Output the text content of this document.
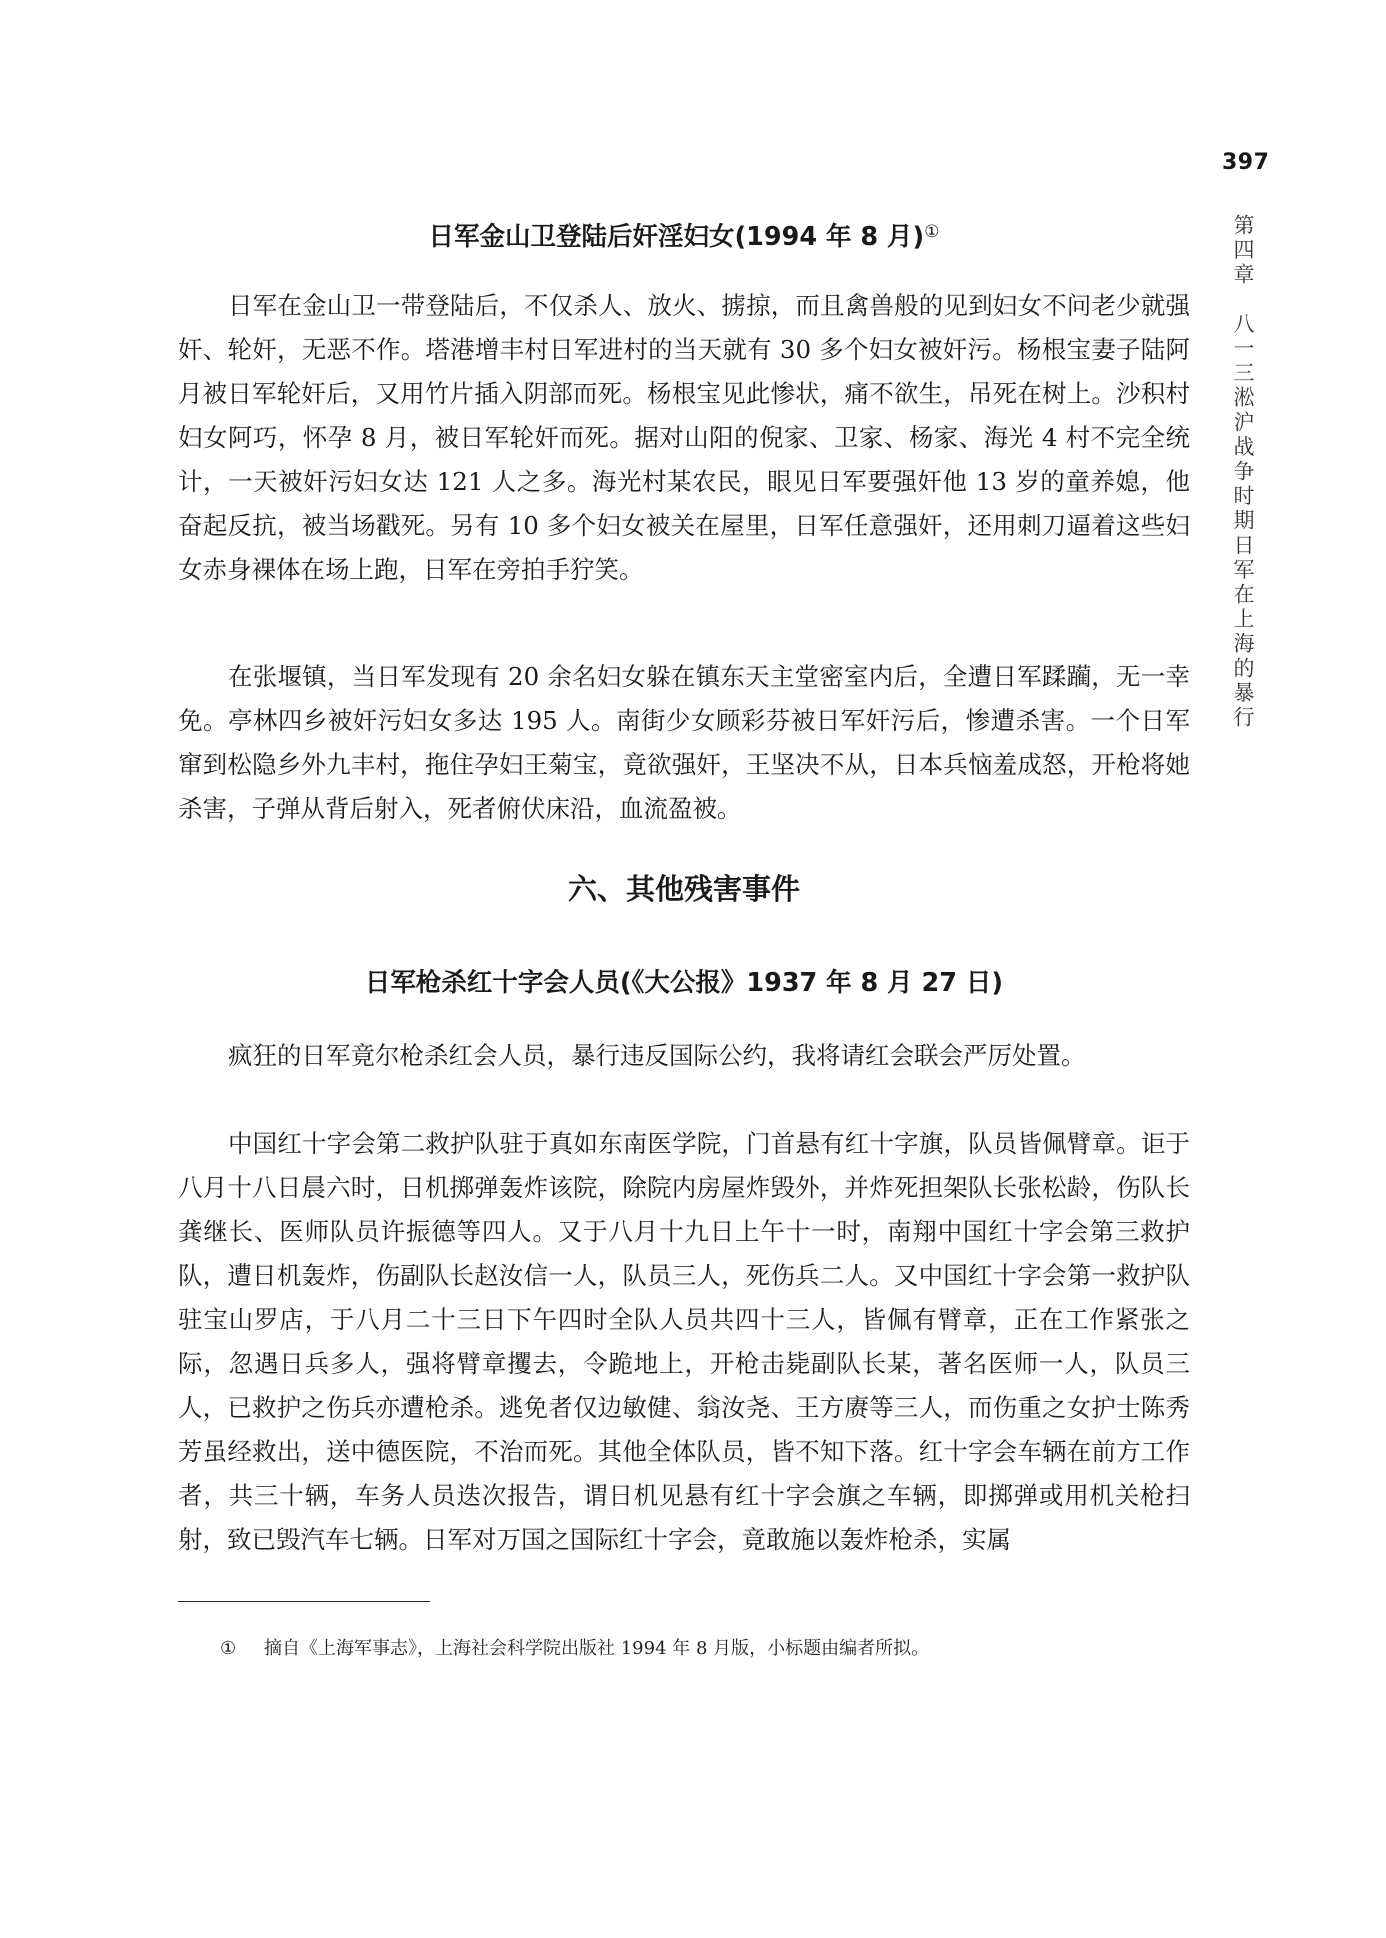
397
第四章　八一三淞沪战争时期日军在上海的暴行
日军金山卫登陆后奸淫妇女(1994 年 8 月)①

日军在金山卫一带登陆后，不仅杀人、放火、掳掠，而且禽兽般的见到妇女不问老少就强奸、轮奸，无恶不作。塔港增丰村日军进村的当天就有 30 多个妇女被奸污。杨根宝妻子陆阿月被日军轮奸后，又用竹片插入阴部而死。杨根宝见此惨状，痛不欲生，吊死在树上。沙积村妇女阿巧，怀孕 8 月，被日军轮奸而死。据对山阳的倪家、卫家、杨家、海光 4 村不完全统计，一天被奸污妇女达 121 人之多。海光村某农民，眼见日军要强奸他 13 岁的童养媳，他奋起反抗，被当场戳死。另有 10 多个妇女被关在屋里，日军任意强奸，还用刺刀逼着这些妇女赤身裸体在场上跑，日军在旁拍手狞笑。

在张堰镇，当日军发现有 20 余名妇女躲在镇东天主堂密室内后，全遭日军蹂躏，无一幸免。亭林四乡被奸污妇女多达 195 人。南街少女顾彩芬被日军奸污后，惨遭杀害。一个日军窜到松隐乡外九丰村，拖住孕妇王菊宝，竟欲强奸，王坚决不从，日本兵恼羞成怒，开枪将她杀害，子弹从背后射入，死者俯伏床沿，血流盈被。

六、其他残害事件
日军枪杀红十字会人员(《大公报》1937 年 8 月 27 日)

疯狂的日军竟尔枪杀红会人员，暴行违反国际公约，我将请红会联会严厉处置。

中国红十字会第二救护队驻于真如东南医学院，门首悬有红十字旗，队员皆佩臂章。讵于八月十八日晨六时，日机掷弹轰炸该院，除院内房屋炸毁外，并炸死担架队长张松龄，伤队长龚继长、医师队员许振德等四人。又于八月十九日上午十一时，南翔中国红十字会第三救护队，遭日机轰炸，伤副队长赵汝信一人，队员三人，死伤兵二人。又中国红十字会第一救护队驻宝山罗店，于八月二十三日下午四时全队人员共四十三人，皆佩有臂章，正在工作紧张之际，忽遇日兵多人，强将臂章攫去，令跪地上，开枪击毙副队长某，著名医师一人，队员三人，已救护之伤兵亦遭枪杀。逃免者仅边敏健、翁汝尧、王方赓等三人，而伤重之女护士陈秀芳虽经救出，送中德医院，不治而死。其他全体队员，皆不知下落。红十字会车辆在前方工作者，共三十辆，车务人员迭次报告，谓日机见悬有红十字会旗之车辆，即掷弹或用机关枪扫射，致已毁汽车七辆。日军对万国之国际红十字会，竟敢施以轰炸枪杀，实属

① 摘自《上海军事志》，上海社会科学院出版社 1994 年 8 月版，小标题由编者所拟。
